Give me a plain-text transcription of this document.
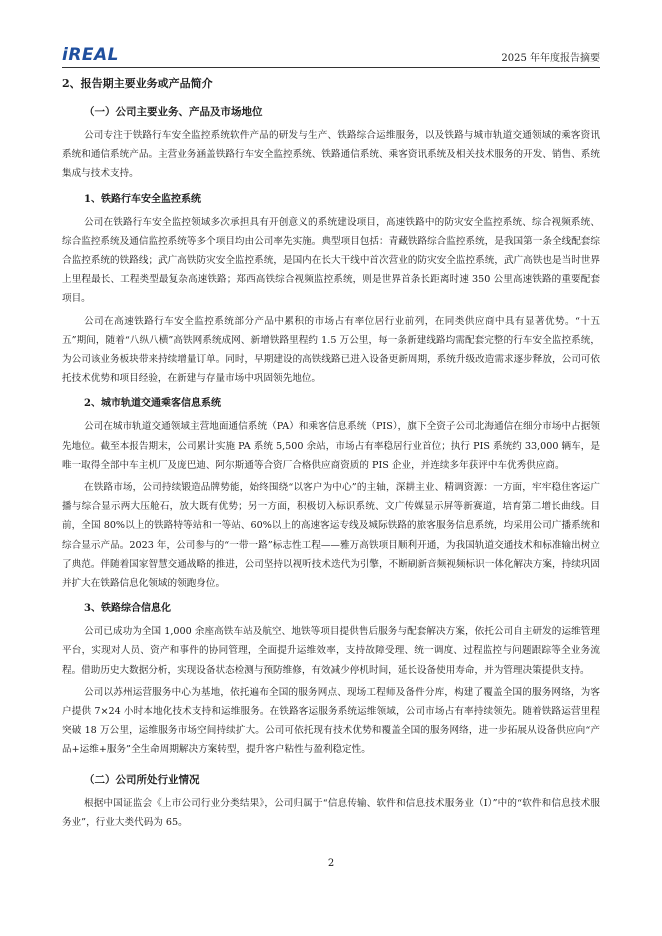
iREAL	2025 年年度报告摘要
2、报告期主要业务或产品简介
（一）公司主要业务、产品及市场地位

公司专注于铁路行车安全监控系统软件产品的研发与生产、铁路综合运维服务，以及铁路与城市轨道交通领域的乘客资讯系统和通信系统产品。主营业务涵盖铁路行车安全监控系统、铁路通信系统、乘客资讯系统及相关技术服务的开发、销售、系统集成与技术支持。

1、铁路行车安全监控系统

公司在铁路行车安全监控领域多次承担具有开创意义的系统建设项目，高速铁路中的防灾安全监控系统、综合视频系统、综合监控系统及通信监控系统等多个项目均由公司率先实施。典型项目包括：青藏铁路综合监控系统，是我国第一条全线配套综合监控系统的铁路线；武广高铁防灾安全监控系统，是国内在长大干线中首次营业的防灾安全监控系统，武广高铁也是当时世界上里程最长、工程类型最复杂高速铁路；郑西高铁综合视频监控系统，则是世界首条长距离时速 350 公里高速铁路的重要配套项目。

公司在高速铁路行车安全监控系统部分产品中累积的市场占有率位居行业前列，在同类供应商中具有显著优势。“十五五”期间，随着“八纵八横”高铁网系统成网、新增铁路里程约 1.5 万公里，每一条新建线路均需配套完整的行车安全监控系统，为公司该业务板块带来持续增量订单。同时，早期建设的高铁线路已进入设备更新周期，系统升级改造需求逐步释放，公司可依托技术优势和项目经验，在新建与存量市场中巩固领先地位。

2、城市轨道交通乘客信息系统

公司在城市轨道交通领域主营地面通信系统（PA）和乘客信息系统（PIS），旗下全资子公司北海通信在细分市场中占据领先地位。截至本报告期末，公司累计实施 PA 系统 5,500 余站，市场占有率稳居行业首位；执行 PIS 系统约 33,000 辆车，是唯一取得全部中车主机厂及庞巴迪、阿尔斯通等合资厂合格供应商资质的 PIS 企业，并连续多年获评中车优秀供应商。

在铁路市场，公司持续锻造品牌势能，始终围绕“以客户为中心”的主轴，深耕主业、精调资源：一方面，牢牢稳住客运广播与综合显示两大压舱石，放大既有优势；另一方面，积极切入标识系统、文广传媒显示屏等新赛道，培育第二增长曲线。目前，全国 80%以上的铁路特等站和一等站、60%以上的高速客运专线及城际铁路的旅客服务信息系统，均采用公司广播系统和综合显示产品。2023 年，公司参与的“一带一路”标志性工程——雅万高铁项目顺利开通，为我国轨道交通技术和标准输出树立了典范。伴随着国家智慧交通战略的推进，公司坚持以视听技术迭代为引擎，不断刷新音频视频标识一体化解决方案，持续巩固并扩大在铁路信息化领域的领跑身位。

3、铁路综合信息化

公司已成功为全国 1,000 余座高铁车站及航空、地铁等项目提供售后服务与配套解决方案，依托公司自主研发的运维管理平台，实现对人员、资产和事件的协同管理，全面提升运维效率，支持故障受理、统一调度、过程监控与问题跟踪等全业务流程。借助历史大数据分析，实现设备状态检测与预防维修，有效减少停机时间，延长设备使用寿命，并为管理决策提供支持。

公司以苏州运营服务中心为基地，依托遍布全国的服务网点、现场工程师及备件分库，构建了覆盖全国的服务网络，为客户提供 7×24 小时本地化技术支持和运维服务。在铁路客运服务系统运维领域，公司市场占有率持续领先。随着铁路运营里程突破 18 万公里，运维服务市场空间持续扩大。公司可依托现有技术优势和覆盖全国的服务网络，进一步拓展从设备供应向“产品+运维+服务”全生命周期解决方案转型，提升客户粘性与盈利稳定性。

（二）公司所处行业情况

根据中国证监会《上市公司行业分类结果》，公司归属于“信息传输、软件和信息技术服务业（I）”中的“软件和信息技术服务业”，行业大类代码为 65。

2
